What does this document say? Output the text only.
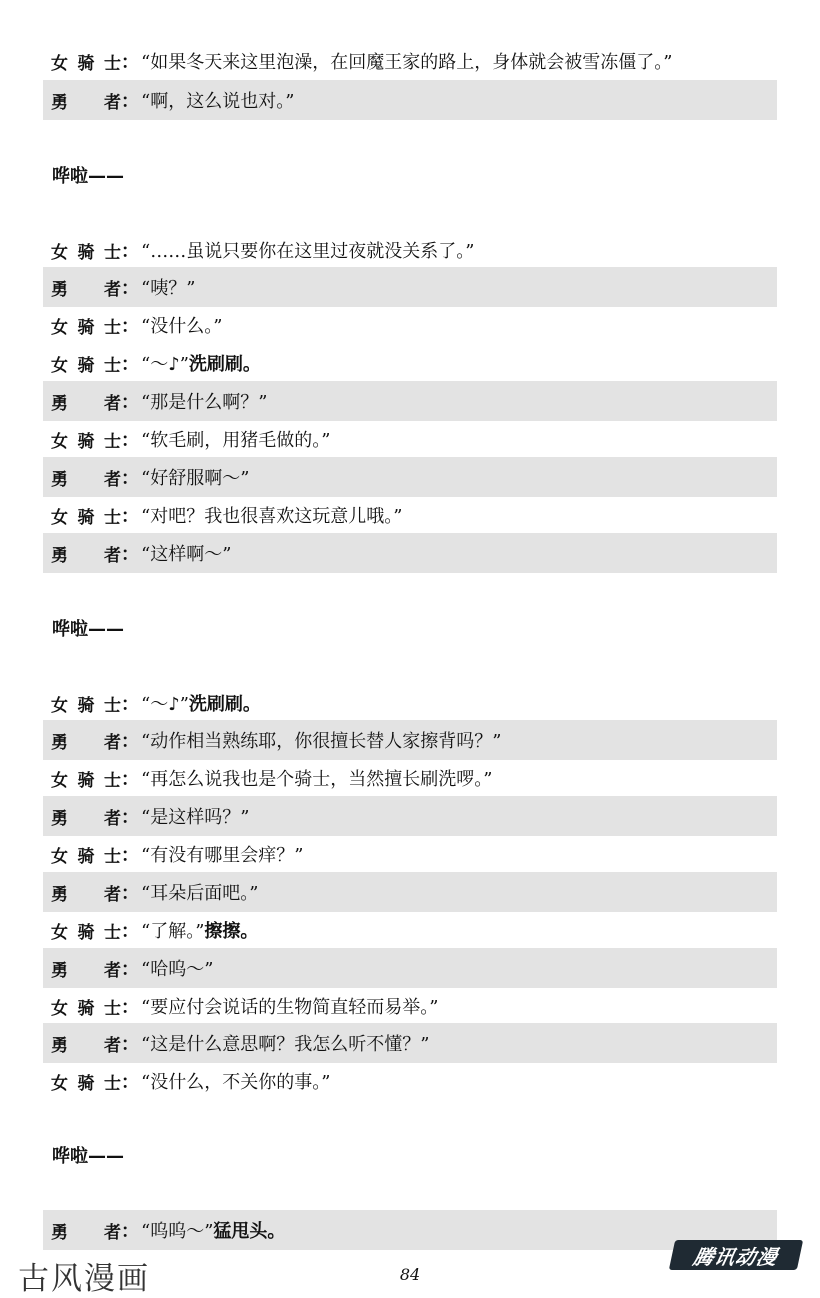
女 骑 士 ： “如果冬天来这里泡澡，在回魔王家的路上，身体就会被雪冻僵了。”
勇 者 ： “啊，这么说也对。”
哗啦——
女 骑 士 ： “……虽说只要你在这里过夜就没关系了。”
勇 者 ： “咦？”
女 骑 士 ： “没什么。”
女 骑 士 ： “～♪” 洗刷刷。
勇 者 ： “那是什么啊？”
女 骑 士 ： “软毛刷，用猪毛做的。”
勇 者 ： “好舒服啊～”
女 骑 士 ： “对吧？我也很喜欢这玩意儿哦。”
勇 者 ： “这样啊～”
哗啦——
女 骑 士 ： “～♪” 洗刷刷。
勇 者 ： “动作相当熟练耶，你很擅长替人家擦背吗？”
女 骑 士 ： “再怎么说我也是个骑士，当然擅长刷洗啰。”
勇 者 ： “是这样吗？”
女 骑 士 ： “有没有哪里会痒？”
勇 者 ： “耳朵后面吧。”
女 骑 士 ： “了解。” 擦擦。
勇 者 ： “哈呜～”
女 骑 士 ： “要应付会说话的生物简直轻而易举。”
勇 者 ： “这是什么意思啊？我怎么听不懂？”
女 骑 士 ： “没什么，不关你的事。”
哗啦——
勇 者 ： “呜呜～” 猛甩头。
84
古风漫画
腾讯动漫
